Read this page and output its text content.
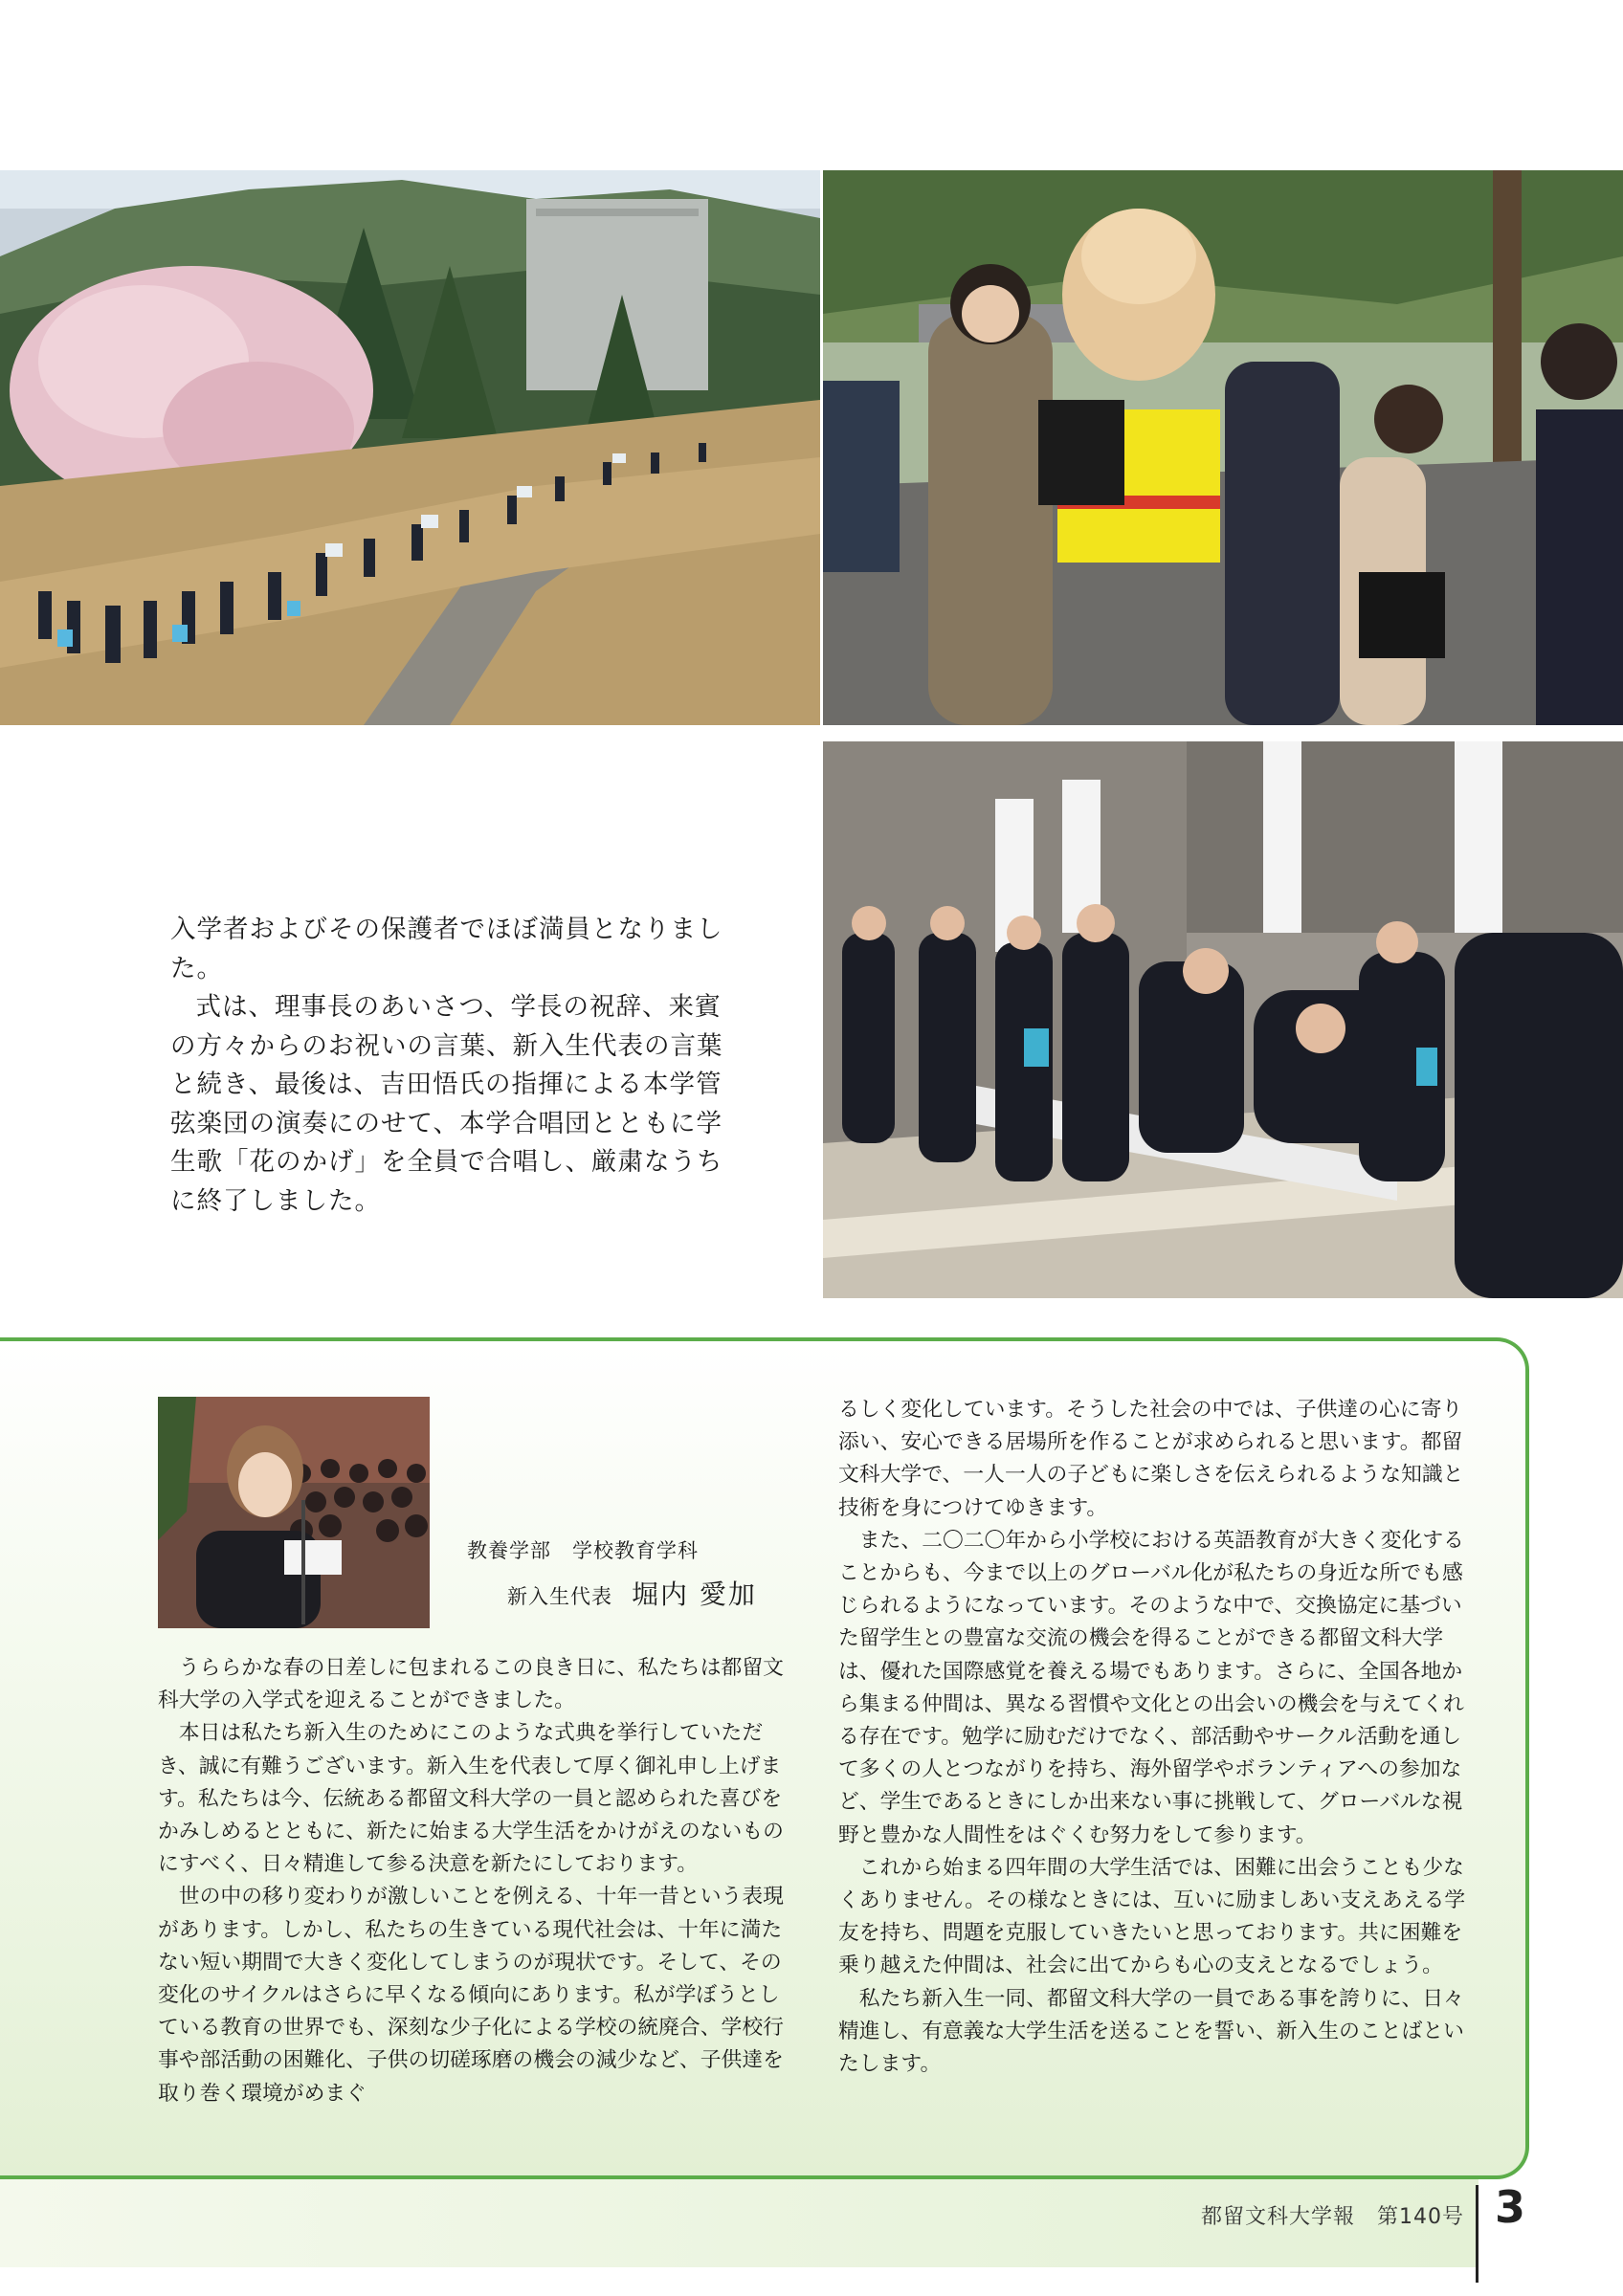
入学者およびその保護者でほぼ満員となりました。

式は、理事長のあいさつ、学長の祝辞、来賓の方々からのお祝いの言葉、新入生代表の言葉と続き、最後は、吉田悟氏の指揮による本学管弦楽団の演奏にのせて、本学合唱団とともに学生歌「花のかげ」を全員で合唱し、厳粛なうちに終了しました。

教養学部　学校教育学科
新入生代表 堀内 愛加

うららかな春の日差しに包まれるこの良き日に、私たちは都留文科大学の入学式を迎えることができました。

本日は私たち新入生のためにこのような式典を挙行していただき、誠に有難うございます。新入生を代表して厚く御礼申し上げます。私たちは今、伝統ある都留文科大学の一員と認められた喜びをかみしめるとともに、新たに始まる大学生活をかけがえのないものにすべく、日々精進して参る決意を新たにしております。

世の中の移り変わりが激しいことを例える、十年一昔という表現があります。しかし、私たちの生きている現代社会は、十年に満たない短い期間で大きく変化してしまうのが現状です。そして、その変化のサイクルはさらに早くなる傾向にあります。私が学ぼうとしている教育の世界でも、深刻な少子化による学校の統廃合、学校行事や部活動の困難化、子供の切磋琢磨の機会の減少など、子供達を取り巻く環境がめまぐ

るしく変化しています。そうした社会の中では、子供達の心に寄り添い、安心できる居場所を作ることが求められると思います。都留文科大学で、一人一人の子どもに楽しさを伝えられるような知識と技術を身につけてゆきます。

また、二〇二〇年から小学校における英語教育が大きく変化することからも、今まで以上のグローバル化が私たちの身近な所でも感じられるようになっています。そのような中で、交換協定に基づいた留学生との豊富な交流の機会を得ることができる都留文科大学は、優れた国際感覚を養える場でもあります。さらに、全国各地から集まる仲間は、異なる習慣や文化との出会いの機会を与えてくれる存在です。勉学に励むだけでなく、部活動やサークル活動を通して多くの人とつながりを持ち、海外留学やボランティアへの参加など、学生であるときにしか出来ない事に挑戦して、グローバルな視野と豊かな人間性をはぐくむ努力をして参ります。

これから始まる四年間の大学生活では、困難に出会うことも少なくありません。その様なときには、互いに励ましあい支えあえる学友を持ち、問題を克服していきたいと思っております。共に困難を乗り越えた仲間は、社会に出てからも心の支えとなるでしょう。

私たち新入生一同、都留文科大学の一員である事を誇りに、日々精進し、有意義な大学生活を送ることを誓い、新入生のことばといたします。

都留文科大学報　第140号 3
